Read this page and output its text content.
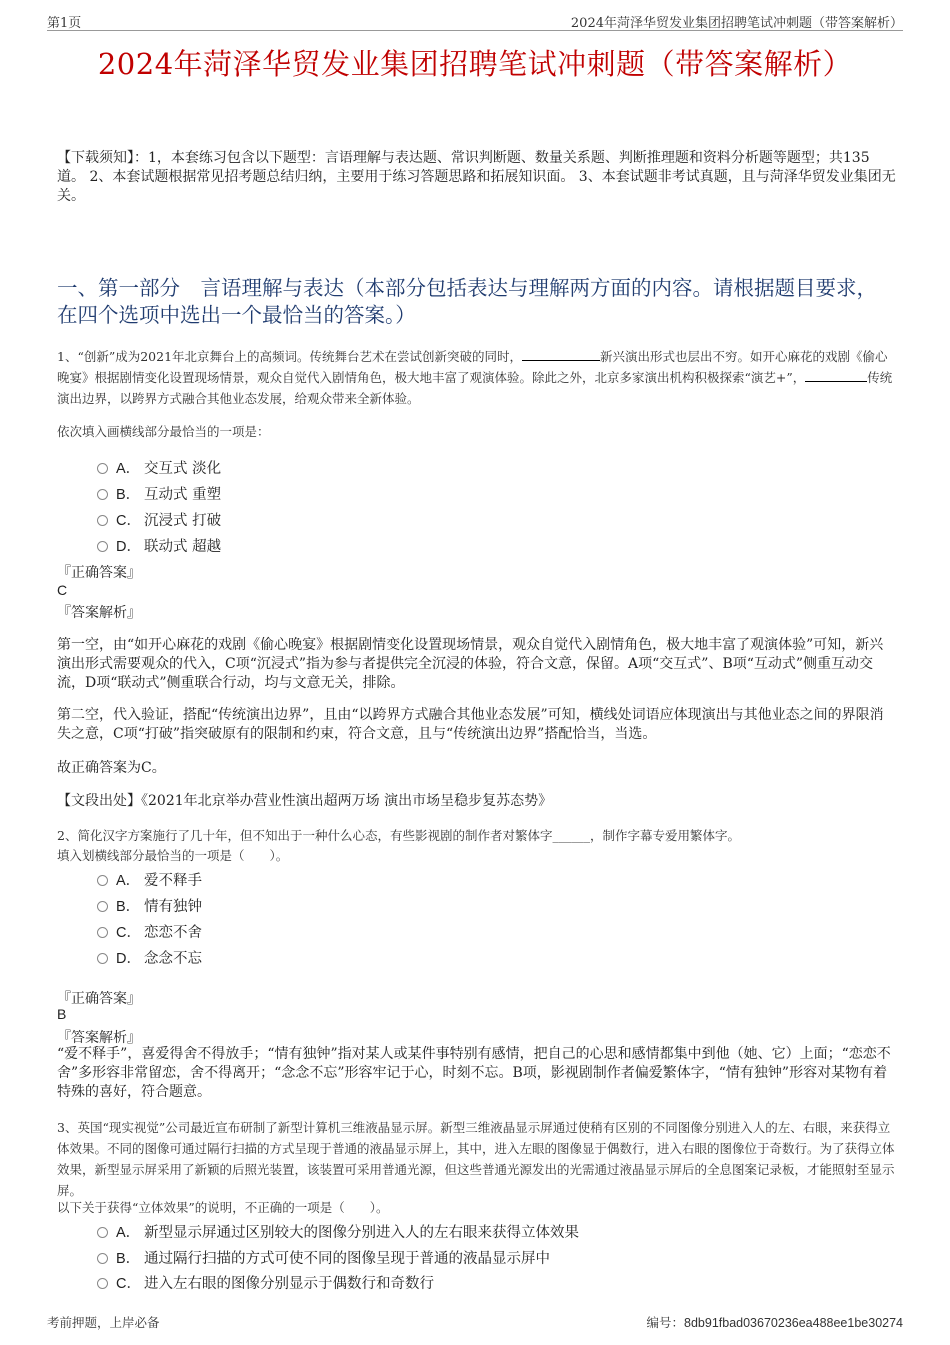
第1页	2024年菏泽华贸发业集团招聘笔试冲刺题（带答案解析）
2024年菏泽华贸发业集团招聘笔试冲刺题（带答案解析）
【下载须知】：1，本套练习包含以下题型：言语理解与表达题、常识判断题、数量关系题、判断推理题和资料分析题等题型；共135道。 2、本套试题根据常见招考题总结归纳，主要用于练习答题思路和拓展知识面。 3、本套试题非考试真题，且与菏泽华贸发业集团无关。
一、第一部分　言语理解与表达（本部分包括表达与理解两方面的内容。请根据题目要求，在四个选项中选出一个最恰当的答案。）
1、“创新”成为2021年北京舞台上的高频词。传统舞台艺术在尝试创新突破的同时，	新兴演出形式也层出不穷。如开心麻花的戏剧《偷心晚宴》根据剧情变化设置现场情景，观众自觉代入剧情角色，极大地丰富了观演体验。除此之外，北京多家演出机构积极探索“演艺+”，	传统演出边界，以跨界方式融合其他业态发展，给观众带来全新体验。
依次填入画横线部分最恰当的一项是：
A． 交互式 淡化
B． 互动式 重塑
C． 沉浸式 打破
D． 联动式 超越
『正确答案』
C
『答案解析』
第一空，由“如开心麻花的戏剧《偷心晚宴》根据剧情变化设置现场情景，观众自觉代入剧情角色，极大地丰富了观演体验”可知，新兴演出形式需要观众的代入，C项“沉浸式”指为参与者提供完全沉浸的体验，符合文意，保留。A项“交互式”、B项“互动式”侧重互动交流，D项“联动式”侧重联合行动，均与文意无关，排除。
第二空，代入验证，搭配“传统演出边界”，且由“以跨界方式融合其他业态发展”可知，横线处词语应体现演出与其他业态之间的界限消失之意，C项“打破”指突破原有的限制和约束，符合文意，且与“传统演出边界”搭配恰当，当选。
故正确答案为C。
【文段出处】《2021年北京举办营业性演出超两万场 演出市场呈稳步复苏态势》
2、简化汉字方案施行了几十年，但不知出于一种什么心态，有些影视剧的制作者对繁体字______，制作字幕专爱用繁体字。
填入划横线部分最恰当的一项是（　　）。
A． 爱不释手
B． 情有独钟
C． 恋恋不舍
D． 念念不忘
『正确答案』
B
『答案解析』
“爱不释手”，喜爱得舍不得放手；“情有独钟”指对某人或某件事特别有感情，把自己的心思和感情都集中到他（她、它）上面；“恋恋不舍”多形容非常留恋，舍不得离开；“念念不忘”形容牢记于心，时刻不忘。B项，影视剧制作者偏爱繁体字，“情有独钟”形容对某物有着特殊的喜好，符合题意。
3、英国“现实视觉”公司最近宣布研制了新型计算机三维液晶显示屏。新型三维液晶显示屏通过使稍有区别的不同图像分别进入人的左、右眼，来获得立体效果。不同的图像可通过隔行扫描的方式呈现于普通的液晶显示屏上，其中，进入左眼的图像显于偶数行，进入右眼的图像位于奇数行。为了获得立体效果，新型显示屏采用了新颖的后照光装置，该装置可采用普通光源，但这些普通光源发出的光需通过液晶显示屏后的全息图案记录板，才能照射至显示屏。
以下关于获得“立体效果”的说明，不正确的一项是（　　）。
A． 新型显示屏通过区别较大的图像分别进入人的左右眼来获得立体效果
B． 通过隔行扫描的方式可使不同的图像呈现于普通的液晶显示屏中
C． 进入左右眼的图像分别显示于偶数行和奇数行
考前押题，上岸必备	编号：8db91fbad03670236ea488ee1be30274
